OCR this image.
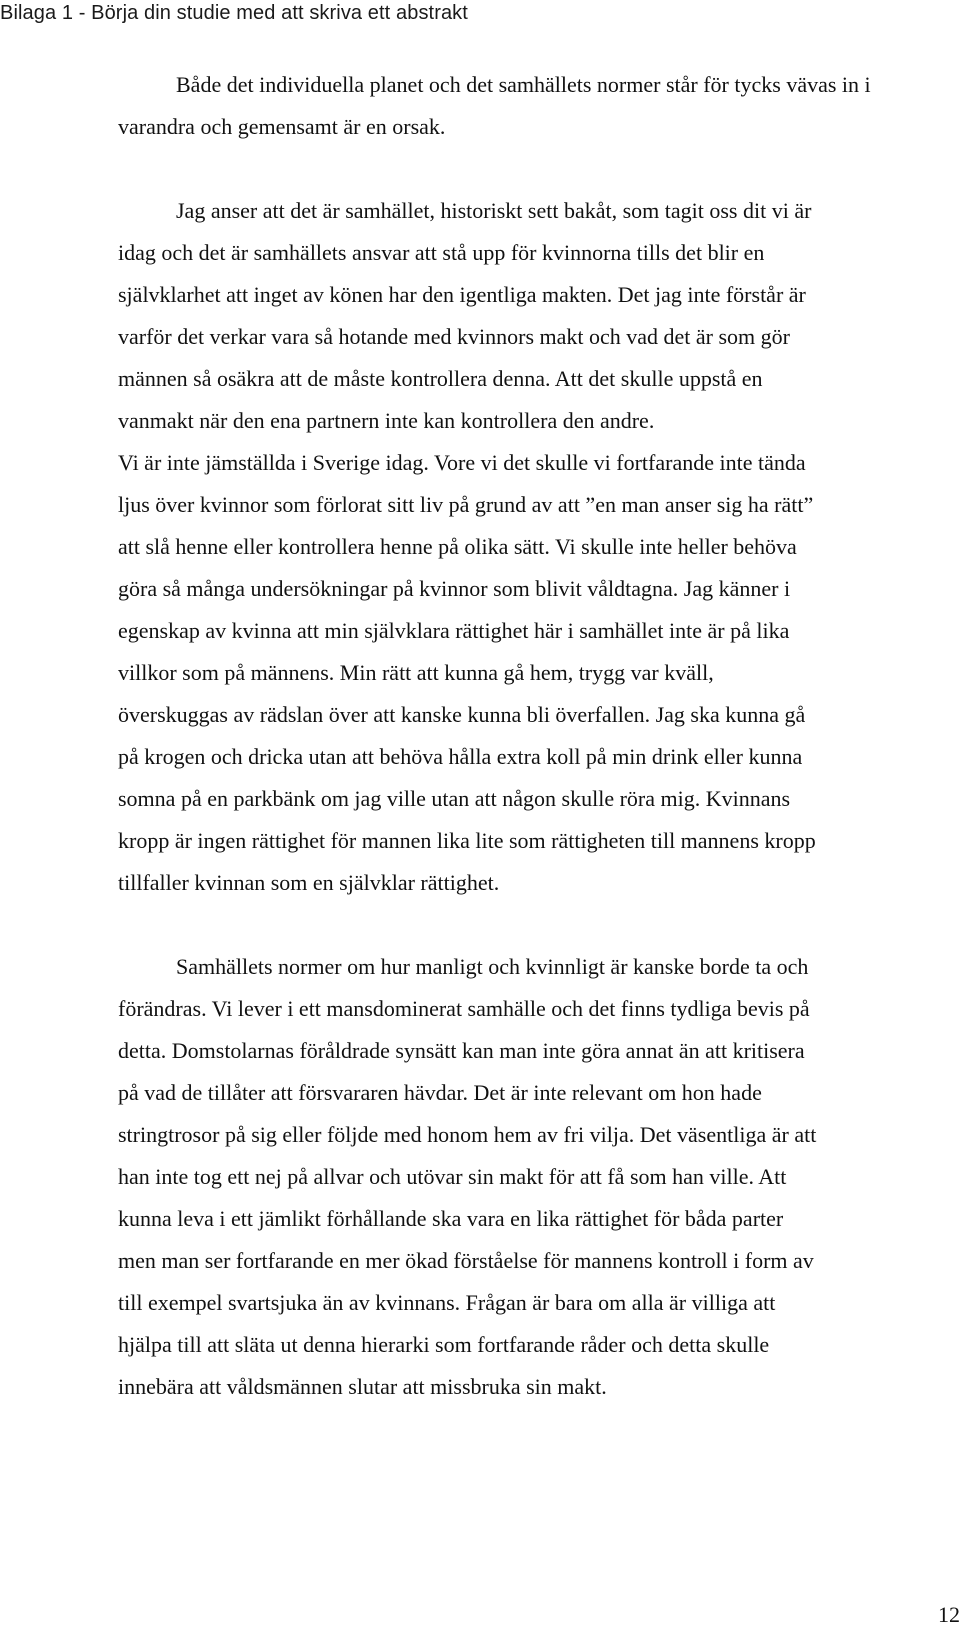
Bilaga 1 - Börja din studie med att skriva ett abstrakt
Både det individuella planet och det samhällets normer står för tycks vävas in i
varandra och gemensamt är en orsak.
Jag anser att det är samhället, historiskt sett bakåt, som tagit oss dit vi är
idag och det är samhällets ansvar att stå upp för kvinnorna tills det blir en
självklarhet att inget av könen har den igentliga makten. Det jag inte förstår är
varför det verkar vara så hotande med kvinnors makt och vad det är som gör
männen så osäkra att de måste kontrollera denna. Att det skulle uppstå en
vanmakt när den ena partnern inte kan kontrollera den andre.
Vi är inte jämställda i Sverige idag. Vore vi det skulle vi fortfarande inte tända
ljus över kvinnor som förlorat sitt liv på grund av att ”en man anser sig ha rätt”
att slå henne eller kontrollera henne på olika sätt. Vi skulle inte heller behöva
göra så många undersökningar på kvinnor som blivit våldtagna. Jag känner i
egenskap av kvinna att min självklara rättighet här i samhället inte är på lika
villkor som på männens. Min rätt att kunna gå hem, trygg var kväll,
överskuggas av rädslan över att kanske kunna bli överfallen. Jag ska kunna gå
på krogen och dricka utan att behöva hålla extra koll på min drink eller kunna
somna på en parkbänk om jag ville utan att någon skulle röra mig. Kvinnans
kropp är ingen rättighet för mannen lika lite som rättigheten till mannens kropp
tillfaller kvinnan som en självklar rättighet.
Samhällets normer om hur manligt och kvinnligt är kanske borde ta och
förändras. Vi lever i ett mansdominerat samhälle och det finns tydliga bevis på
detta. Domstolarnas föråldrade synsätt kan man inte göra annat än att kritisera
på vad de tillåter att försvararen hävdar. Det är inte relevant om hon hade
stringtrosor på sig eller följde med honom hem av fri vilja. Det väsentliga är att
han inte tog ett nej på allvar och utövar sin makt för att få som han ville. Att
kunna leva i ett jämlikt förhållande ska vara en lika rättighet för båda parter
men man ser fortfarande en mer ökad förståelse för mannens kontroll i form av
till exempel svartsjuka än av kvinnans. Frågan är bara om alla är villiga att
hjälpa till att släta ut denna hierarki som fortfarande råder och detta skulle
innebära att våldsmännen slutar att missbruka sin makt.
12
